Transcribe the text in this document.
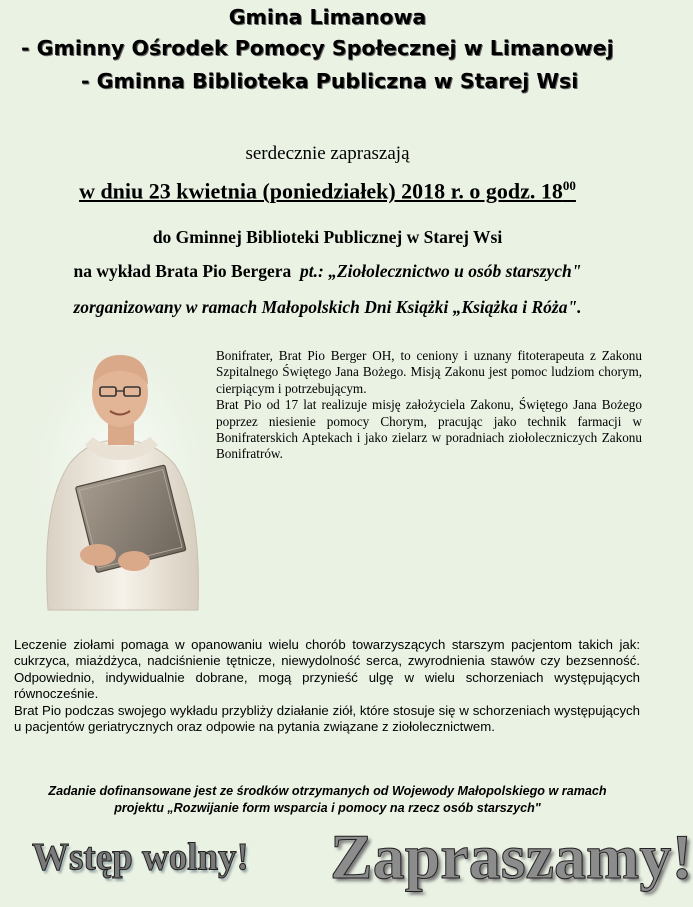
Gmina Limanowa
- Gminny Ośrodek Pomocy Społecznej w Limanowej
- Gminna Biblioteka Publiczna w Starej Wsi
serdecznie zapraszają
w dniu 23 kwietnia (poniedziałek) 2018 r. o godz. $18^{00}$
do Gminnej Biblioteki Publicznej w Starej Wsi
na wykład Brata Pio Bergera pt.: „Ziołolecznictwo u osób starszych"
zorganizowany w ramach Małopolskich Dni Książki „Książka i Róża".

Bonifrater, Brat Pio Berger OH, to ceniony i uznany fitoterapeuta z Zakonu Szpitalnego Świętego Jana Bożego. Misją Zakonu jest pomoc ludziom chorym, cierpiącym i potrzebującym.

Brat Pio od 17 lat realizuje misję założyciela Zakonu, Świętego Jana Bożego poprzez niesienie pomocy Chorym, pracując jako technik farmacji w Bonifraterskich Aptekach i jako zielarz w poradniach ziołoleczniczych Zakonu Bonifratrów.

Leczenie ziołami pomaga w opanowaniu wielu chorób towarzyszących starszym pacjentom takich jak: cukrzyca, miażdżyca, nadciśnienie tętnicze, niewydolność serca, zwyrodnienia stawów czy bezsenność. Odpowiednio, indywidualnie dobrane, mogą przynieść ulgę w wielu schorzeniach występujących równocześnie.

Brat Pio podczas swojego wykładu przybliży działanie ziół, które stosuje się w schorzeniach występujących u pacjentów geriatrycznych oraz odpowie na pytania związane z ziołolecznictwem.

Zadanie dofinansowane jest ze środków otrzymanych od Wojewody Małopolskiego w ramach
projektu „Rozwijanie form wsparcia i pomocy na rzecz osób starszych"
Wstęp wolny! Zapraszamy!
